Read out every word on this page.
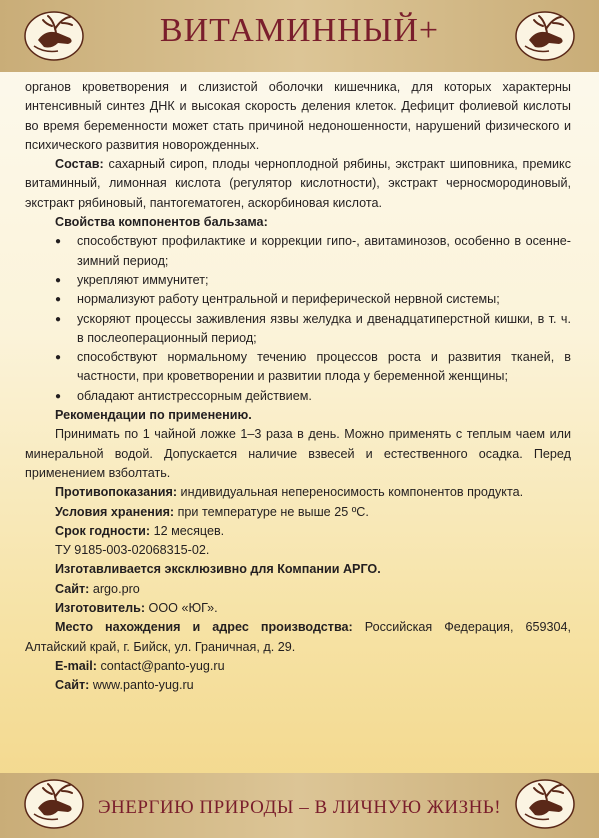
ВИТАМИННЫЙ+

органов кроветворения и слизистой оболочки кишечника, для которых характерны интенсивный синтез ДНК и высокая скорость деления клеток. Дефицит фолиевой кислоты во время беременности может стать причиной недоношенности, нарушений физического и психического развития новорожденных.

Состав: сахарный сироп, плоды черноплодной рябины, экстракт шиповника, премикс витаминный, лимонная кислота (регулятор кислотности), экстракт черносмородиновый, экстракт рябиновый, пантогематоген, аскорбиновая кислота.

Свойства компонентов бальзама:

● способствуют профилактике и коррекции гипо-, авитаминозов, особенно в осенне-зимний период;
● укрепляют иммунитет;
● нормализуют работу центральной и периферической нервной системы;
● ускоряют процессы заживления язвы желудка и двенадцатиперстной кишки, в т. ч. в послеоперационный период;
● способствуют нормальному течению процессов роста и развития тканей, в частности, при кроветворении и развитии плода у беременной женщины;
● обладают антистрессорным действием.

Рекомендации по применению.

Принимать по 1 чайной ложке 1–3 раза в день. Можно применять с теплым чаем или минеральной водой. Допускается наличие взвесей и естественного осадка. Перед применением взболтать.

Противопоказания: индивидуальная непереносимость компонентов продукта.

Условия хранения: при температуре не выше 25 ºС.

Срок годности: 12 месяцев.

ТУ 9185-003-02068315-02.

Изготавливается эксклюзивно для Компании АРГО.

Сайт: argo.pro

Изготовитель: ООО «ЮГ».

Место нахождения и адрес производства: Российская Федерация, 659304, Алтайский край, г. Бийск, ул. Граничная, д. 29.

E-mail: contact@panto-yug.ru

Сайт: www.panto-yug.ru

ЭНЕРГИЮ ПРИРОДЫ – В ЛИЧНУЮ ЖИЗНЬ!
